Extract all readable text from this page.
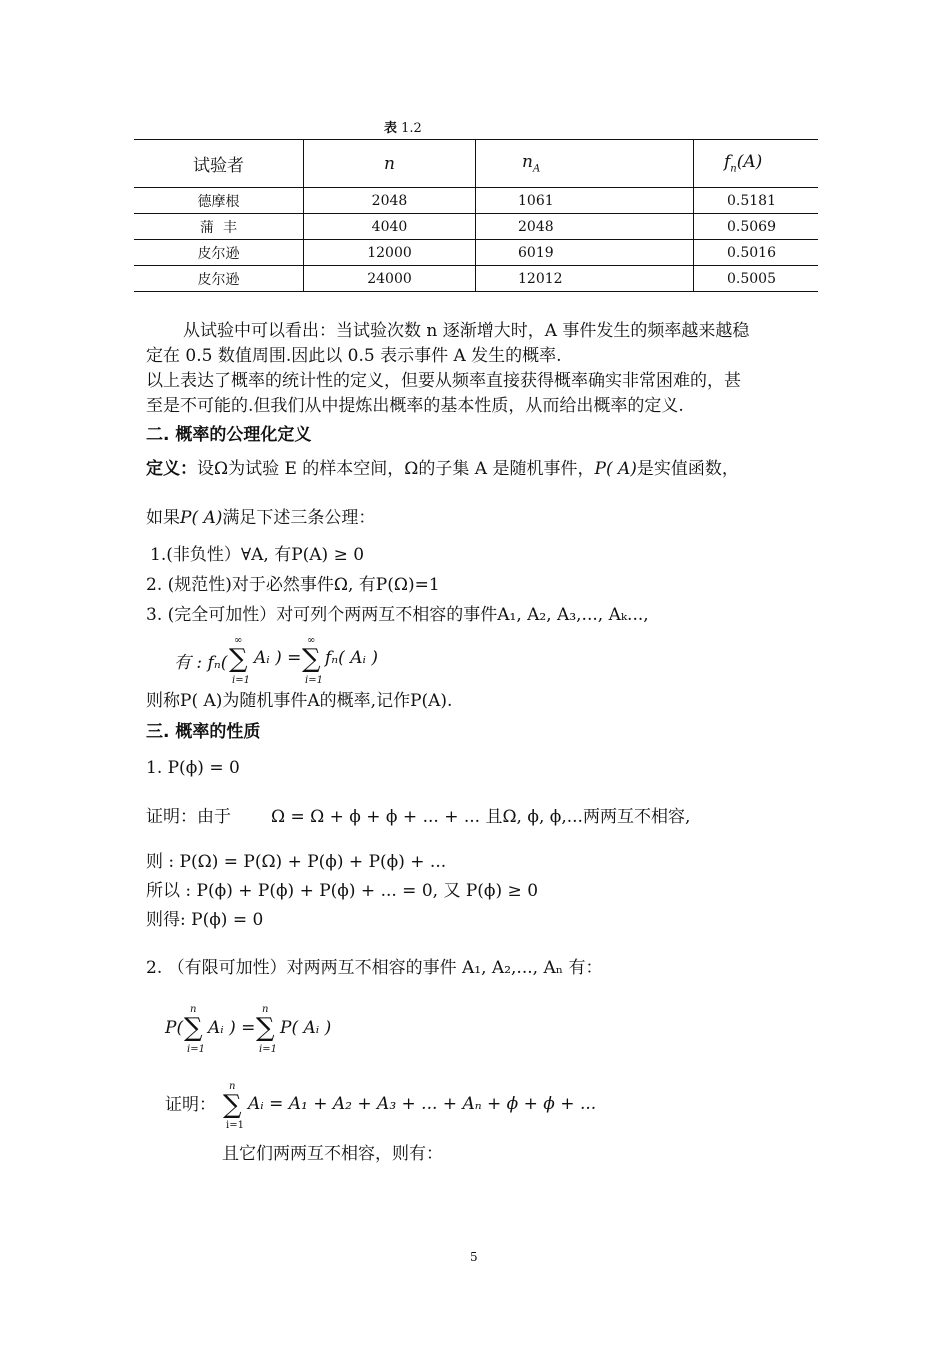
表 1.2
试验者	n	$n_A$	$f_n(A)$
德摩根	2048	1061	0.5181
蒲  丰	4040	2048	0.5069
皮尔逊	12000	6019	0.5016
皮尔逊	24000	12012	0.5005
从试验中可以看出：当试验次数 n 逐渐增大时，A 事件发生的频率越来越稳
定在 0.5 数值周围.因此以 0.5 表示事件 A 发生的概率.
以上表达了概率的统计性的定义，但要从频率直接获得概率确实非常困难的，甚
至是不可能的.但我们从中提炼出概率的基本性质，从而给出概率的定义.
二. 概率的公理化定义
定义：设Ω为试验 E 的样本空间，Ω的子集 A 是随机事件，P( A)是实值函数，
如果P( A)满足下述三条公理：
1.(非负性）∀A, 有P(A) ≥ 0
2. (规范性)对于必然事件Ω, 有P(Ω)=1
3. (完全可加性）对可列个两两互不相容的事件A₁, A₂, A₃,..., Aₖ...,
有 : fₙ(
∞
∑
i=1
Aᵢ ) =
∞
∑
i=1
fₙ( Aᵢ )
则称P( A)为随机事件A的概率,记作P(A).
三. 概率的性质
1. P(ϕ) = 0
证明：由于 Ω = Ω + ϕ + ϕ + ... + ... 且Ω, ϕ, ϕ,...两两互不相容,
则 : P(Ω) = P(Ω) + P(ϕ) + P(ϕ) + ...
所以 : P(ϕ) + P(ϕ) + P(ϕ) + ... = 0, 又 P(ϕ) ≥ 0
则得: P(ϕ) = 0
2. （有限可加性）对两两互不相容的事件 A₁, A₂,..., Aₙ 有：
P(
n
∑
i=1
Aᵢ ) =
n
∑
i=1
P( Aᵢ )
证明：
n
∑
i=1
Aᵢ = A₁ + A₂ + A₃ + ... + Aₙ + ϕ + ϕ + ...
且它们两两互不相容，则有：
5
